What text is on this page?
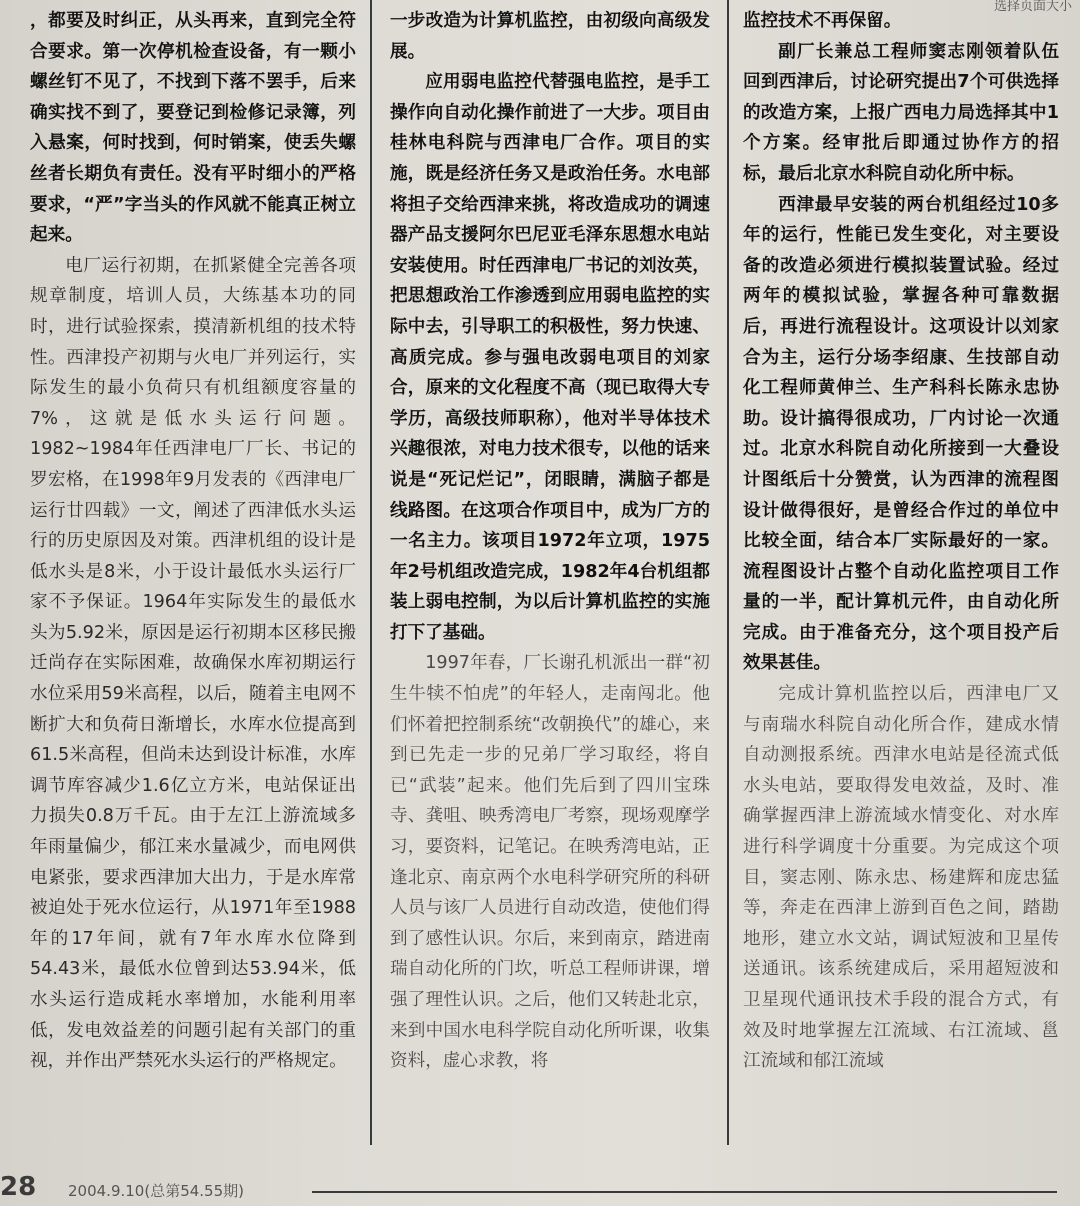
选择页面大小

，都要及时纠正，从头再来，直到完全符合要求。第一次停机检查设备，有一颗小螺丝钉不见了，不找到下落不罢手，后来确实找不到了，要登记到检修记录簿，列入悬案，何时找到，何时销案，使丢失螺丝者长期负有责任。没有平时细小的严格要求，“严”字当头的作风就不能真正树立起来。

电厂运行初期，在抓紧健全完善各项规章制度，培训人员，大练基本功的同时，进行试验探索，摸清新机组的技术特性。西津投产初期与火电厂并列运行，实际发生的最小负荷只有机组额度容量的7%，这就是低水头运行问题。1982~1984年任西津电厂厂长、书记的罗宏格，在1998年9月发表的《西津电厂运行廿四载》一文，阐述了西津低水头运行的历史原因及对策。西津机组的设计是低水头是8米，小于设计最低水头运行厂家不予保证。1964年实际发生的最低水头为5.92米，原因是运行初期本区移民搬迁尚存在实际困难，故确保水库初期运行水位采用59米高程，以后，随着主电网不断扩大和负荷日渐增长，水库水位提高到61.5米高程，但尚未达到设计标准，水库调节库容减少1.6亿立方米，电站保证出力损失0.8万千瓦。由于左江上游流域多年雨量偏少，郁江来水量减少，而电网供电紧张，要求西津加大出力，于是水库常被迫处于死水位运行，从1971年至1988年的17年间，就有7年水库水位降到54.43米，最低水位曾到达53.94米，低水头运行造成耗水率增加，水能利用率低，发电效益差的问题引起有关部门的重视，并作出严禁死水头运行的严格规定。

一步改造为计算机监控，由初级向高级发展。

应用弱电监控代替强电监控，是手工操作向自动化操作前进了一大步。项目由桂林电科院与西津电厂合作。项目的实施，既是经济任务又是政治任务。水电部将担子交给西津来挑，将改造成功的调速器产品支援阿尔巴尼亚毛泽东思想水电站安装使用。时任西津电厂书记的刘汝英，把思想政治工作渗透到应用弱电监控的实际中去，引导职工的积极性，努力快速、高质完成。参与强电改弱电项目的刘家合，原来的文化程度不高（现已取得大专学历，高级技师职称），他对半导体技术兴趣很浓，对电力技术很专，以他的话来说是“死记烂记”，闭眼睛，满脑子都是线路图。在这项合作项目中，成为厂方的一名主力。该项目1972年立项，1975年2号机组改造完成，1982年4台机组都装上弱电控制，为以后计算机监控的实施打下了基础。

1997年春，厂长谢孔机派出一群“初生牛犊不怕虎”的年轻人，走南闯北。他们怀着把控制系统“改朝换代”的雄心，来到已先走一步的兄弟厂学习取经，将自已“武装”起来。他们先后到了四川宝珠寺、龚咀、映秀湾电厂考察，现场观摩学习，要资料，记笔记。在映秀湾电站，正逢北京、南京两个水电科学研究所的科研人员与该厂人员进行自动改造，使他们得到了感性认识。尔后，来到南京，踏进南瑞自动化所的门坎，听总工程师讲课，增强了理性认识。之后，他们又转赴北京，来到中国水电科学院自动化所听课，收集资料，虚心求教，将

监控技术不再保留。

副厂长兼总工程师窦志刚领着队伍回到西津后，讨论研究提出7个可供选择的改造方案，上报广西电力局选择其中1个方案。经审批后即通过协作方的招标，最后北京水科院自动化所中标。

西津最早安装的两台机组经过10多年的运行，性能已发生变化，对主要设备的改造必须进行模拟装置试验。经过两年的模拟试验，掌握各种可靠数据后，再进行流程设计。这项设计以刘家合为主，运行分场李绍康、生技部自动化工程师黄伸兰、生产科科长陈永忠协助。设计搞得很成功，厂内讨论一次通过。北京水科院自动化所接到一大叠设计图纸后十分赞赏，认为西津的流程图设计做得很好，是曾经合作过的单位中比较全面，结合本厂实际最好的一家。流程图设计占整个自动化监控项目工作量的一半，配计算机元件，由自动化所完成。由于准备充分，这个项目投产后效果甚佳。

完成计算机监控以后，西津电厂又与南瑞水科院自动化所合作，建成水情自动测报系统。西津水电站是径流式低水头电站，要取得发电效益，及时、准确掌握西津上游流域水情变化、对水库进行科学调度十分重要。为完成这个项目，窦志刚、陈永忠、杨建辉和庞忠猛等，奔走在西津上游到百色之间，踏勘地形，建立水文站，调试短波和卫星传送通讯。该系统建成后，采用超短波和卫星现代通讯技术手段的混合方式，有效及时地掌握左江流域、右江流域、邕江流域和郁江流域

28 2004.9.10(总第54.55期)
